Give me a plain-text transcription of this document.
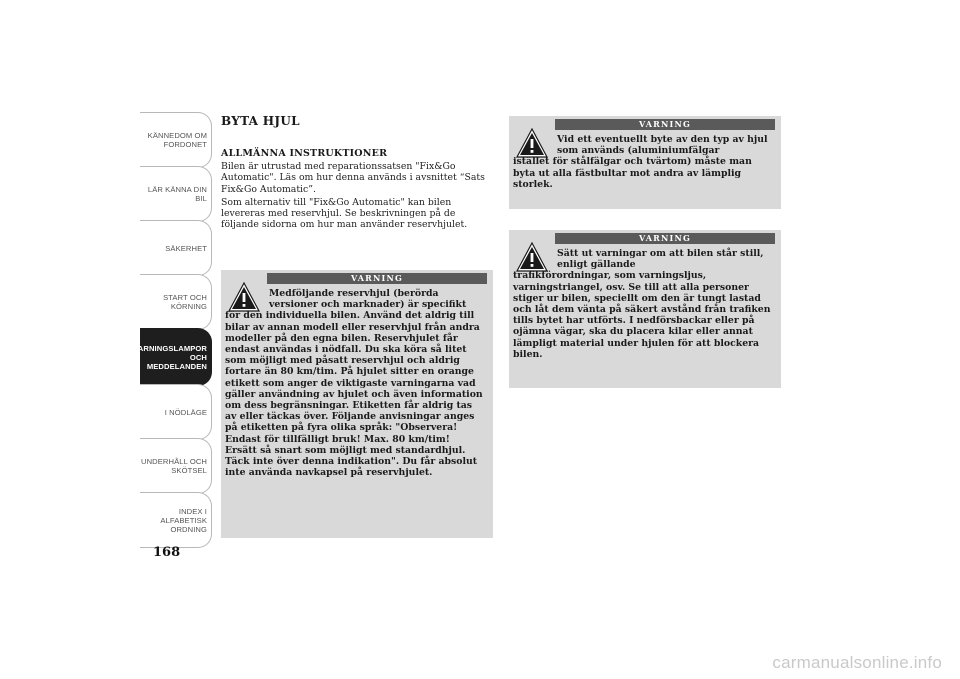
KÄNNEDOM OM
FORDONET
LÄR KÄNNA DIN
BIL
SÄKERHET
START OCH
KÖRNING
VARNINGSLAMPOR
OCH
MEDDELANDEN
I NÖDLÄGE
UNDERHÅLL OCH
SKÖTSEL
INDEX I
ALFABETISK
ORDNING
168
BYTA HJUL
ALLMÄNNA INSTRUKTIONER

Bilen är utrustad med reparationssatsen "Fix&Go Automatic". Läs om hur denna används i avsnittet “Sats Fix&Go Automatic”.

Som alternativ till "Fix&Go Automatic" kan bilen levereras med reservhjul. Se beskrivningen på de följande sidorna om hur man använder reservhjulet.

VARNING
Medföljande reservhjul (berörda versioner och marknader) är specifikt
för den individuella bilen. Använd det aldrig till bilar av annan modell eller reservhjul från andra modeller på den egna bilen. Reservhjulet får endast användas i nödfall. Du ska köra så litet som möjligt med påsatt reservhjul och aldrig fortare än 80 km/tim. På hjulet sitter en orange etikett som anger de viktigaste varningarna vad gäller användning av hjulet och även information om dess begränsningar. Etiketten får aldrig tas av eller täckas över. Följande anvisningar anges på etiketten på fyra olika språk: "Observera! Endast för tillfälligt bruk! Max. 80 km/tim! Ersätt så snart som möjligt med standardhjul. Täck inte över denna indikation". Du får absolut inte använda navkapsel på reservhjulet.
VARNING
Vid ett eventuellt byte av den typ av hjul som används (aluminiumfälgar
istället för stålfälgar och tvärtom) måste man byta ut alla fästbultar mot andra av lämplig storlek.
VARNING
Sätt ut varningar om att bilen står still, enligt gällande
trafikförordningar, som varningsljus, varningstriangel, osv. Se till att alla personer stiger ur bilen, speciellt om den är tungt lastad och låt dem vänta på säkert avstånd från trafiken tills bytet har utförts. I nedförsbackar eller på ojämna vägar, ska du placera kilar eller annat lämpligt material under hjulen för att blockera bilen.
carmanualsonline.info
